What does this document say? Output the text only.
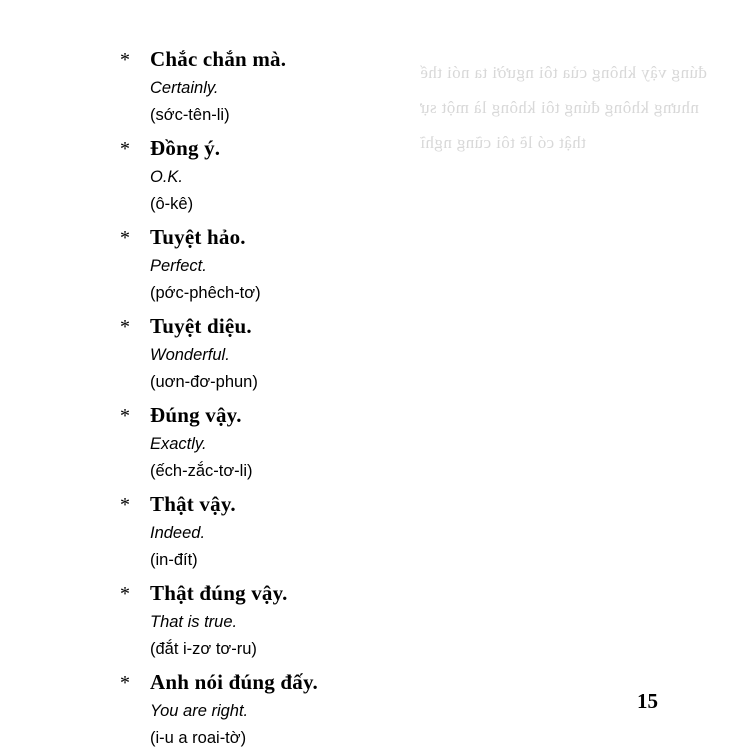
đúng vậy không của tôi người ta nói thế nhưng không đúng tôi không là một sự thật có lẽ tôi cũng nghĩ
* Chắc chắn mà.
Certainly.
(sớc-tên-li)
* Đồng ý.
O.K.
(ô-kê)
* Tuyệt hảo.
Perfect.
(pớc-phêch-tơ)
* Tuyệt diệu.
Wonderful.
(uơn-đơ-phun)
* Đúng vậy.
Exactly.
(ếch-zắc-tơ-li)
* Thật vậy.
Indeed.
(in-đít)
* Thật đúng vậy.
That is true.
(đắt i-zơ tơ-ru)
* Anh nói đúng đấy.
You are right.
(i-u a roai-tờ)
15
